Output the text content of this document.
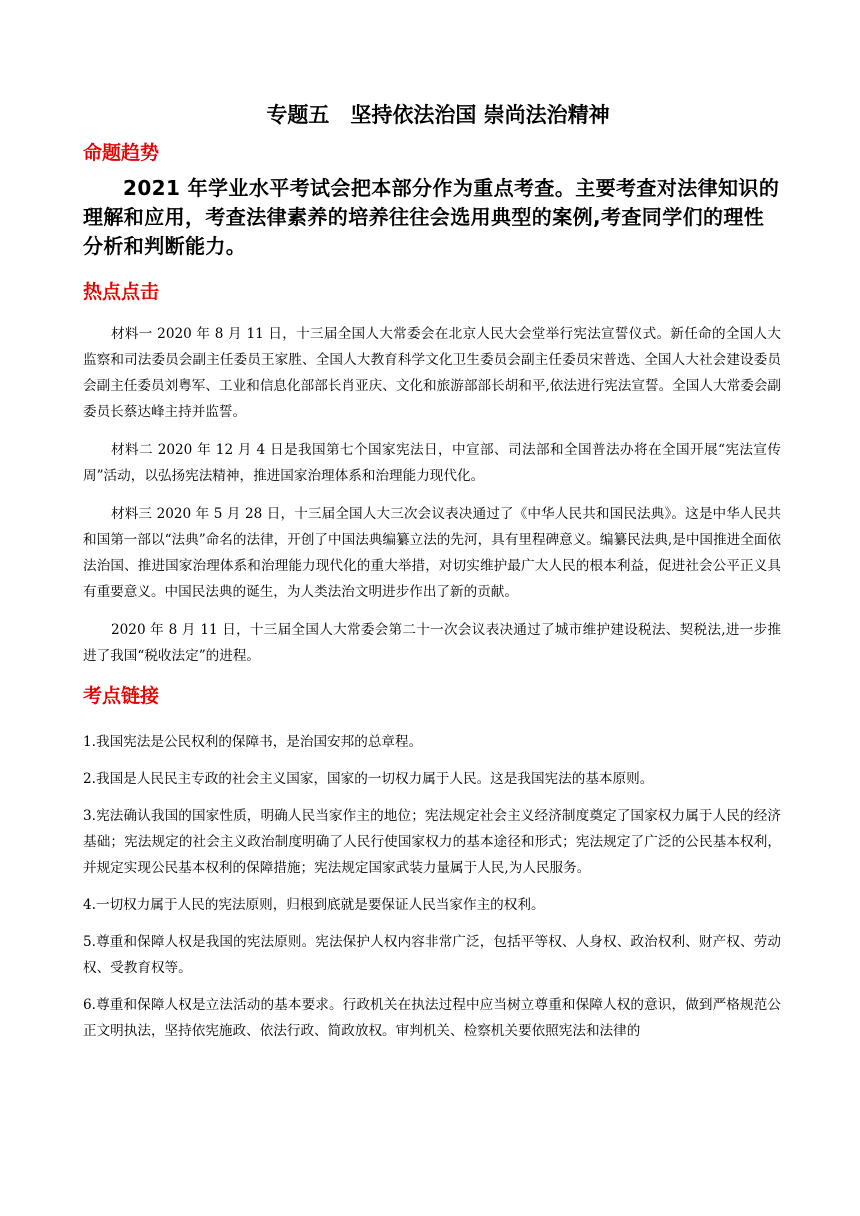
专题五　坚持依法治国 崇尚法治精神
命题趋势

2021 年学业水平考试会把本部分作为重点考查。主要考查对法律知识的理解和应用，考查法律素养的培养往往会选用典型的案例,考查同学们的理性分析和判断能力。

热点点击

材料一 2020 年 8 月 11 日，十三届全国人大常委会在北京人民大会堂举行宪法宣誓仪式。新任命的全国人大监察和司法委员会副主任委员王家胜、全国人大教育科学文化卫生委员会副主任委员宋普选、全国人大社会建设委员会副主任委员刘粤军、工业和信息化部部长肖亚庆、文化和旅游部部长胡和平,依法进行宪法宣誓。全国人大常委会副委员长蔡达峰主持并监誓。

材料二 2020 年 12 月 4 日是我国第七个国家宪法日，中宣部、司法部和全国普法办将在全国开展“宪法宣传周”活动，以弘扬宪法精神，推进国家治理体系和治理能力现代化。

材料三 2020 年 5 月 28 日，十三届全国人大三次会议表决通过了《中华人民共和国民法典》。这是中华人民共和国第一部以“法典”命名的法律，开创了中国法典编纂立法的先河，具有里程碑意义。编纂民法典,是中国推进全面依法治国、推进国家治理体系和治理能力现代化的重大举措，对切实维护最广大人民的根本利益，促进社会公平正义具有重要意义。中国民法典的诞生，为人类法治文明进步作出了新的贡献。

2020 年 8 月 11 日，十三届全国人大常委会第二十一次会议表决通过了城市维护建设税法、契税法,进一步推进了我国“税收法定”的进程。

考点链接

1.我国宪法是公民权利的保障书，是治国安邦的总章程。

2.我国是人民民主专政的社会主义国家，国家的一切权力属于人民。这是我国宪法的基本原则。

3.宪法确认我国的国家性质，明确人民当家作主的地位；宪法规定社会主义经济制度奠定了国家权力属于人民的经济基础；宪法规定的社会主义政治制度明确了人民行使国家权力的基本途径和形式；宪法规定了广泛的公民基本权利，并规定实现公民基本权利的保障措施；宪法规定国家武装力量属于人民,为人民服务。

4.一切权力属于人民的宪法原则，归根到底就是要保证人民当家作主的权利。

5.尊重和保障人权是我国的宪法原则。宪法保护人权内容非常广泛，包括平等权、人身权、政治权利、财产权、劳动权、受教育权等。

6.尊重和保障人权是立法活动的基本要求。行政机关在执法过程中应当树立尊重和保障人权的意识，做到严格规范公正文明执法，坚持依宪施政、依法行政、简政放权。审判机关、检察机关要依照宪法和法律的
